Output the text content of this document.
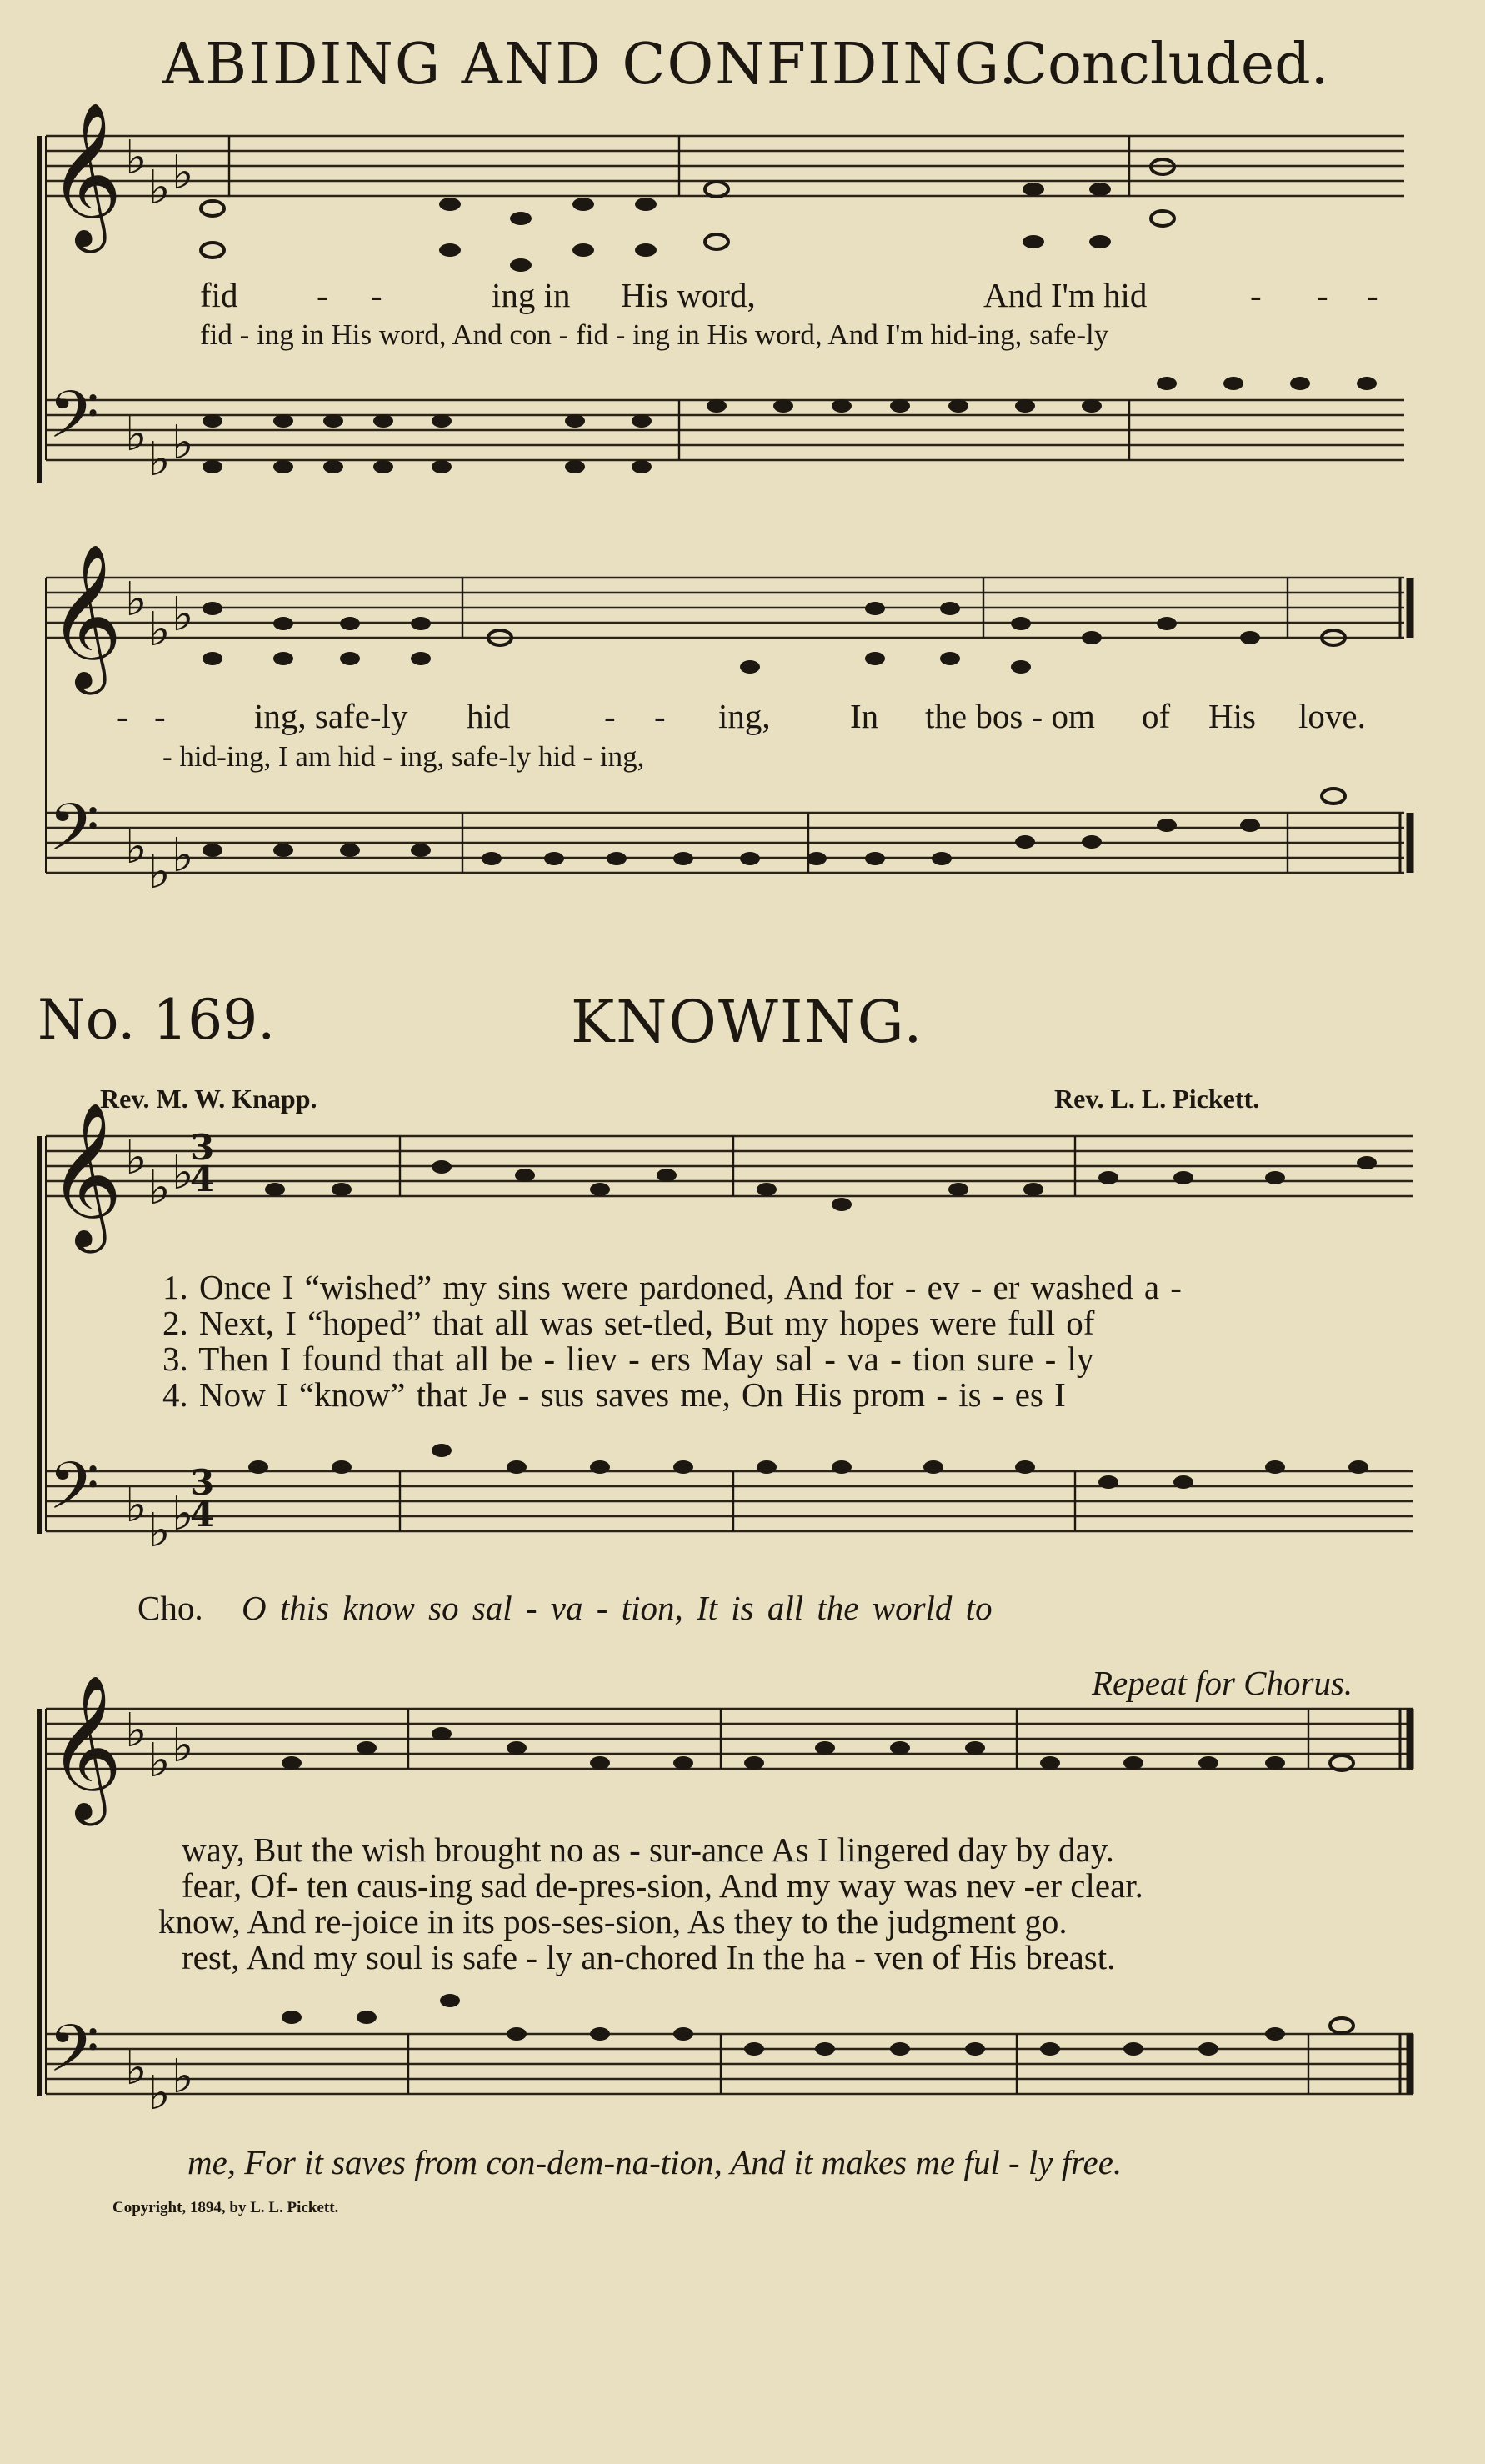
𝄞
𝄢
𝄞
𝄢
𝄞
𝄢
𝄞
𝄢
♭
♭ ♭
♭ ♭ ♭
♭
♭ ♭
♭ ♭ ♭
♭
♭ ♭
♭ ♭ ♭
♭
♭ ♭
♭ ♭ ♭
ABIDING AND CONFIDING.
Concluded.
fid - -	ing in His word,	And I'm hid	- - -
fid - ing in His word, And con - fid - ing in His word, And I'm hid-ing, safe-ly
- -	ing, safe-ly hid	- - ing, In the bos - om of His love.
- hid-ing, I am hid - ing, safe-ly hid - ing,
No. 169.	KNOWING.
Rev. M. W. Knapp.	Rev. L. L. Pickett.
3
4
3
4
1. Once I “wished” my sins were pardoned, And for - ev - er washed a -
2. Next, I “hoped” that all was set-tled, But my hopes were full of
3. Then I found that all be - liev - ers May sal - va - tion sure - ly
4. Now I “know” that Je - sus saves me, On His prom - is - es I
Cho. O this know so sal - va - tion, It is all the world to
Repeat for Chorus.
way, But the wish brought no as - sur-ance As I lingered day by day.
fear, Of- ten caus-ing sad de-pres-sion, And my way was nev -er clear.
know, And re-joice in its pos-ses-sion, As they to the judgment go.
rest, And my soul is safe - ly an-chored In the ha - ven of His breast.
me, For it saves from con-dem-na-tion, And it makes me ful - ly free.
Copyright, 1894, by L. L. Pickett.
